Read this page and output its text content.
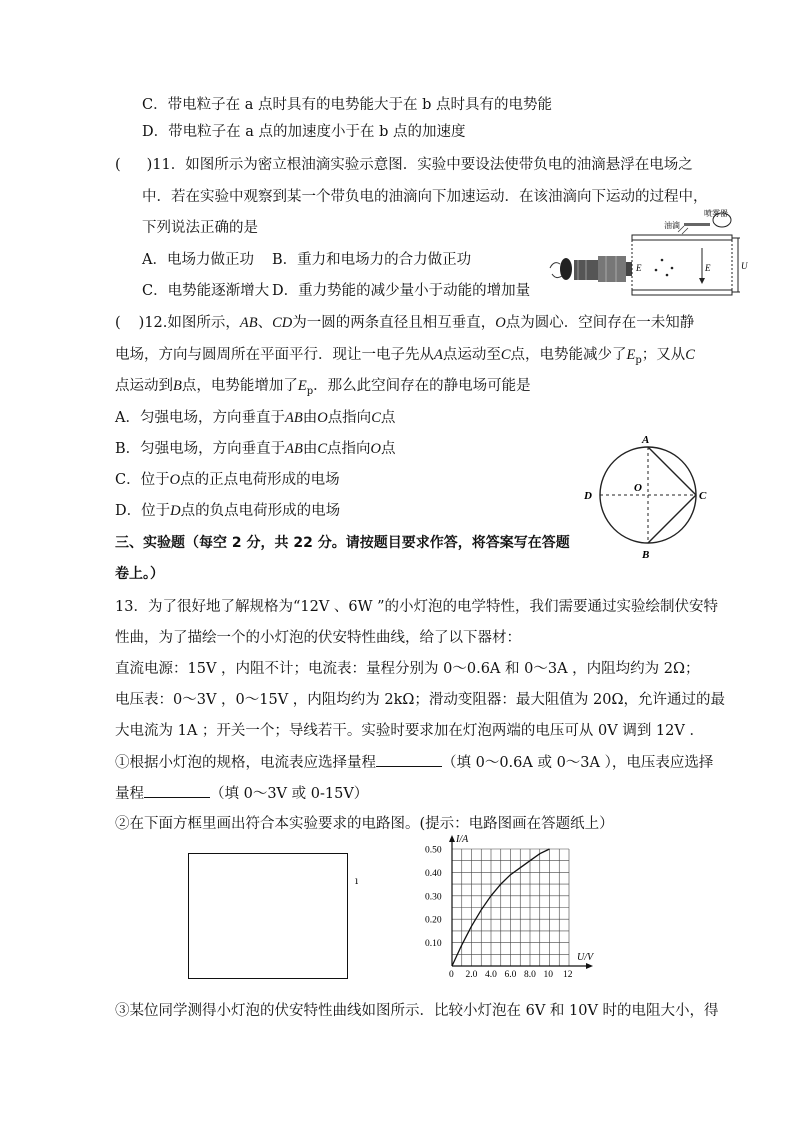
C．带电粒子在 a 点时具有的电势能大于在 b 点时具有的电势能
D．带电粒子在 a 点的加速度小于在 b 点的加速度
( )11．如图所示为密立根油滴实验示意图．实验中要设法使带负电的油滴悬浮在电场之
中．若在实验中观察到某一个带负电的油滴向下加速运动．在该油滴向下运动的过程中，
下列说法正确的是
A．电场力做正功 B．重力和电场力的合力做正功
C．电势能逐渐增大 D．重力势能的减少量小于动能的增加量
E	E	U
油滴
喷雾器
( )12.如图所示，AB、CD为一圆的两条直径且相互垂直，O点为圆心．空间存在一未知静
电场，方向与圆周所在平面平行．现让一电子先从A点运动至C点，电势能减少了$E_p$；又从C
点运动到B点，电势能增加了$E_p$．那么此空间存在的静电场可能是
A．匀强电场，方向垂直于AB由O点指向C点
B．匀强电场，方向垂直于AB由C点指向O点
C．位于O点的正点电荷形成的电场
D．位于D点的负点电荷形成的电场
A
B
C
D
O
三、实验题（每空 2 分，共 22 分。请按题目要求作答，将答案写在答题
卷上。）
13．为了很好地了解规格为“12V 、6W ”的小灯泡的电学特性，我们需要通过实验绘制伏安特
性曲，为了描绘一个的小灯泡的伏安特性曲线，给了以下器材：
直流电源：15V ，内阻不计；电流表：量程分别为 0～0.6A 和 0～3A ，内阻均约为 2Ω；
电压表：0～3V ，0～15V ，内阻均约为 2kΩ；滑动变阻器：最大阻值为 20Ω，允许通过的最
大电流为 1A ；开关一个；导线若干。实验时要求加在灯泡两端的电压可从 0V 调到 12V ．
①根据小灯泡的规格，电流表应选择量程	（填 0～0.6A 或 0～3A ），电压表应选择
量程	（填 0～3V 或 0-15V）
②在下面方框里画出符合本实验要求的电路图。(提示：电路图画在答题纸上）
ı
0 2.0 4.0 6.0 8.0 10 12
0.10
0.20
0.30
0.40
0.50
I/A
U/V
③某位同学测得小灯泡的伏安特性曲线如图所示．比较小灯泡在 6V 和 10V 时的电阻大小，得
